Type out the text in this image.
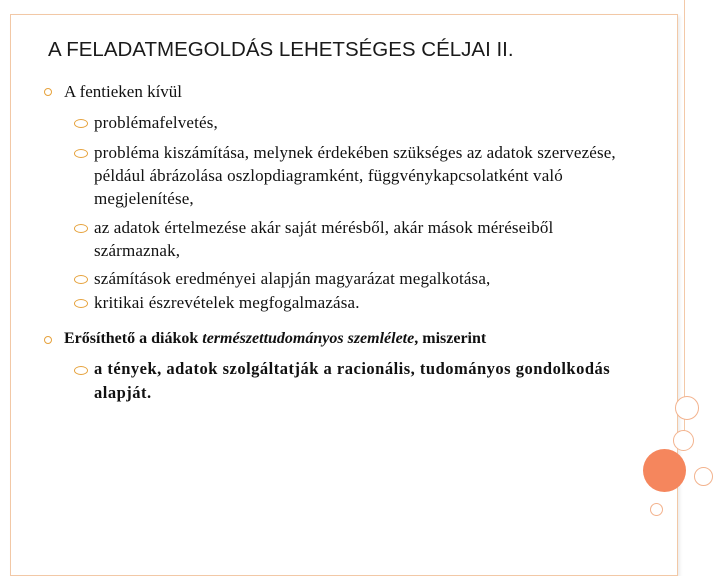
A FELADATMEGOLDÁS LEHETSÉGES CÉLJAI II.
A fentieken kívül
problémafelvetés,
probléma kiszámítása, melynek érdekében szükséges az adatok szervezése, például ábrázolása oszlopdiagramként, függvénykapcsolatként való megjelenítése,
az adatok értelmezése akár saját mérésből, akár mások méréseiből származnak,
számítások eredményei alapján magyarázat megalkotása,
kritikai észrevételek megfogalmazása.
Erősíthető a diákok természettudományos szemlélete, miszerint
a tények, adatok szolgáltatják a racionális, tudományos gondolkodás alapját.
